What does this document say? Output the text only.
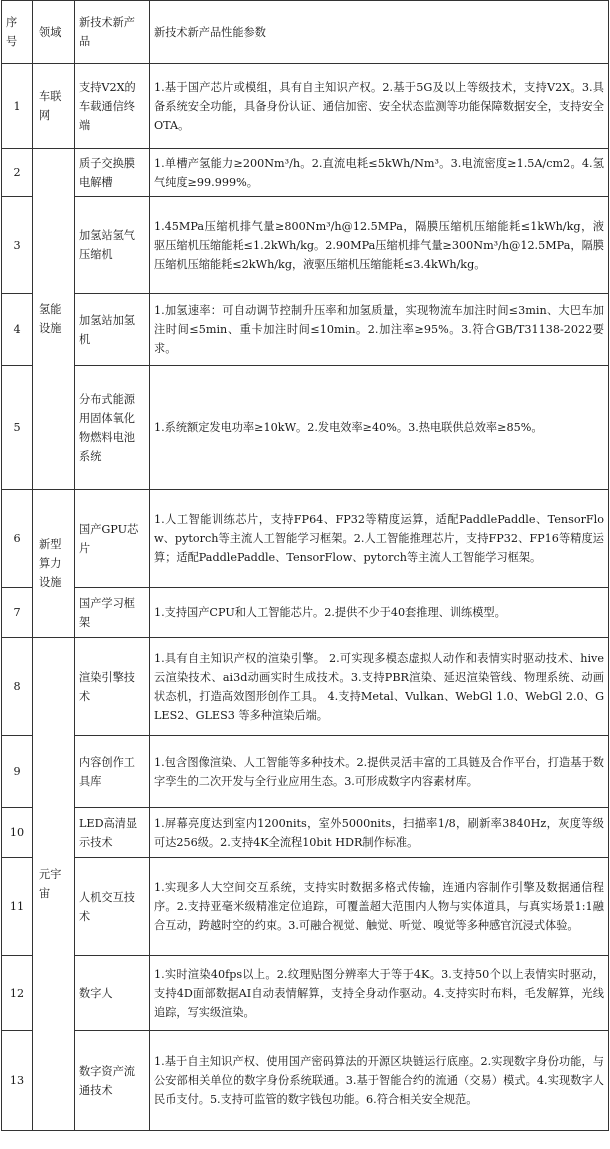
序号	领域	新技术新产品	新技术新产品性能参数
1	车联网	支持V2X的车载通信终端	1.基于国产芯片或模组，具有自主知识产权。2.基于5G及以上等级技术，支持V2X。3.具备系统安全功能，具备身份认证、通信加密、安全状态监测等功能保障数据安全，支持安全OTA。
2	氢能设施	质子交换膜电解槽	1.单槽产氢能力≥200Nm³/h。2.直流电耗≤5kWh/Nm³。3.电流密度≥1.5A/cm2。4.氢气纯度≥99.999%。
3		加氢站氢气压缩机	1.45MPa压缩机排气量≥800Nm³/h@12.5MPa，隔膜压缩机压缩能耗≤1kWh/kg，液驱压缩机压缩能耗≤1.2kWh/kg。2.90MPa压缩机排气量≥300Nm³/h@12.5MPa，隔膜压缩机压缩能耗≤2kWh/kg，液驱压缩机压缩能耗≤3.4kWh/kg。
4		加氢站加氢机	1.加氢速率：可自动调节控制升压率和加氢质量，实现物流车加注时间≤3min、大巴车加注时间≤5min、重卡加注时间≤10min。2.加注率≥95%。3.符合GB/T31138-2022要求。
5		分布式能源用固体氧化物燃料电池系统	1.系统额定发电功率≥10kW。2.发电效率≥40%。3.热电联供总效率≥85%。
6	新型算力设施	国产GPU芯片	1.人工智能训练芯片，支持FP64、FP32等精度运算，适配PaddlePaddle、TensorFlow、pytorch等主流人工智能学习框架。2.人工智能推理芯片，支持FP32、FP16等精度运算；适配PaddlePaddle、TensorFlow、pytorch等主流人工智能学习框架。
7		国产学习框架	1.支持国产CPU和人工智能芯片。2.提供不少于40套推理、训练模型。
8	元宇宙	渲染引擎技术	1.具有自主知识产权的渲染引擎。 2.可实现多模态虚拟人动作和表情实时驱动技术、hive云渲染技术、ai3d动画实时生成技术。3.支持PBR渲染、延迟渲染管线、物理系统、动画状态机，打造高效图形创作工具。 4.支持Metal、Vulkan、WebGl 1.0、WebGl 2.0、GLES2、GLES3 等多种渲染后端。
9		内容创作工具库	1.包含图像渲染、人工智能等多种技术。2.提供灵活丰富的工具链及合作平台，打造基于数字孪生的二次开发与全行业应用生态。3.可形成数字内容素材库。
10		LED高清显示技术	1.屏幕亮度达到室内1200nits，室外5000nits，扫描率1/8，刷新率3840Hz，灰度等级可达256级。2.支持4K全流程10bit HDR制作标准。
11		人机交互技术	1.实现多人大空间交互系统，支持实时数据多格式传输，连通内容制作引擎及数据通信程序。2.支持亚毫米级精准定位追踪，可覆盖超大范围内人物与实体道具，与真实场景1:1融合互动，跨越时空的约束。3.可融合视觉、触觉、听觉、嗅觉等多种感官沉浸式体验。
12		数字人	1.实时渲染40fps以上。2.纹理贴图分辨率大于等于4K。3.支持50个以上表情实时驱动，支持4D面部数据AI自动表情解算，支持全身动作驱动。4.支持实时布料，毛发解算，光线追踪，写实级渲染。
13		数字资产流通技术	1.基于自主知识产权、使用国产密码算法的开源区块链运行底座。2.实现数字身份功能，与公安部相关单位的数字身份系统联通。3.基于智能合约的流通（交易）模式。4.实现数字人民币支付。5.支持可监管的数字钱包功能。6.符合相关安全规范。
